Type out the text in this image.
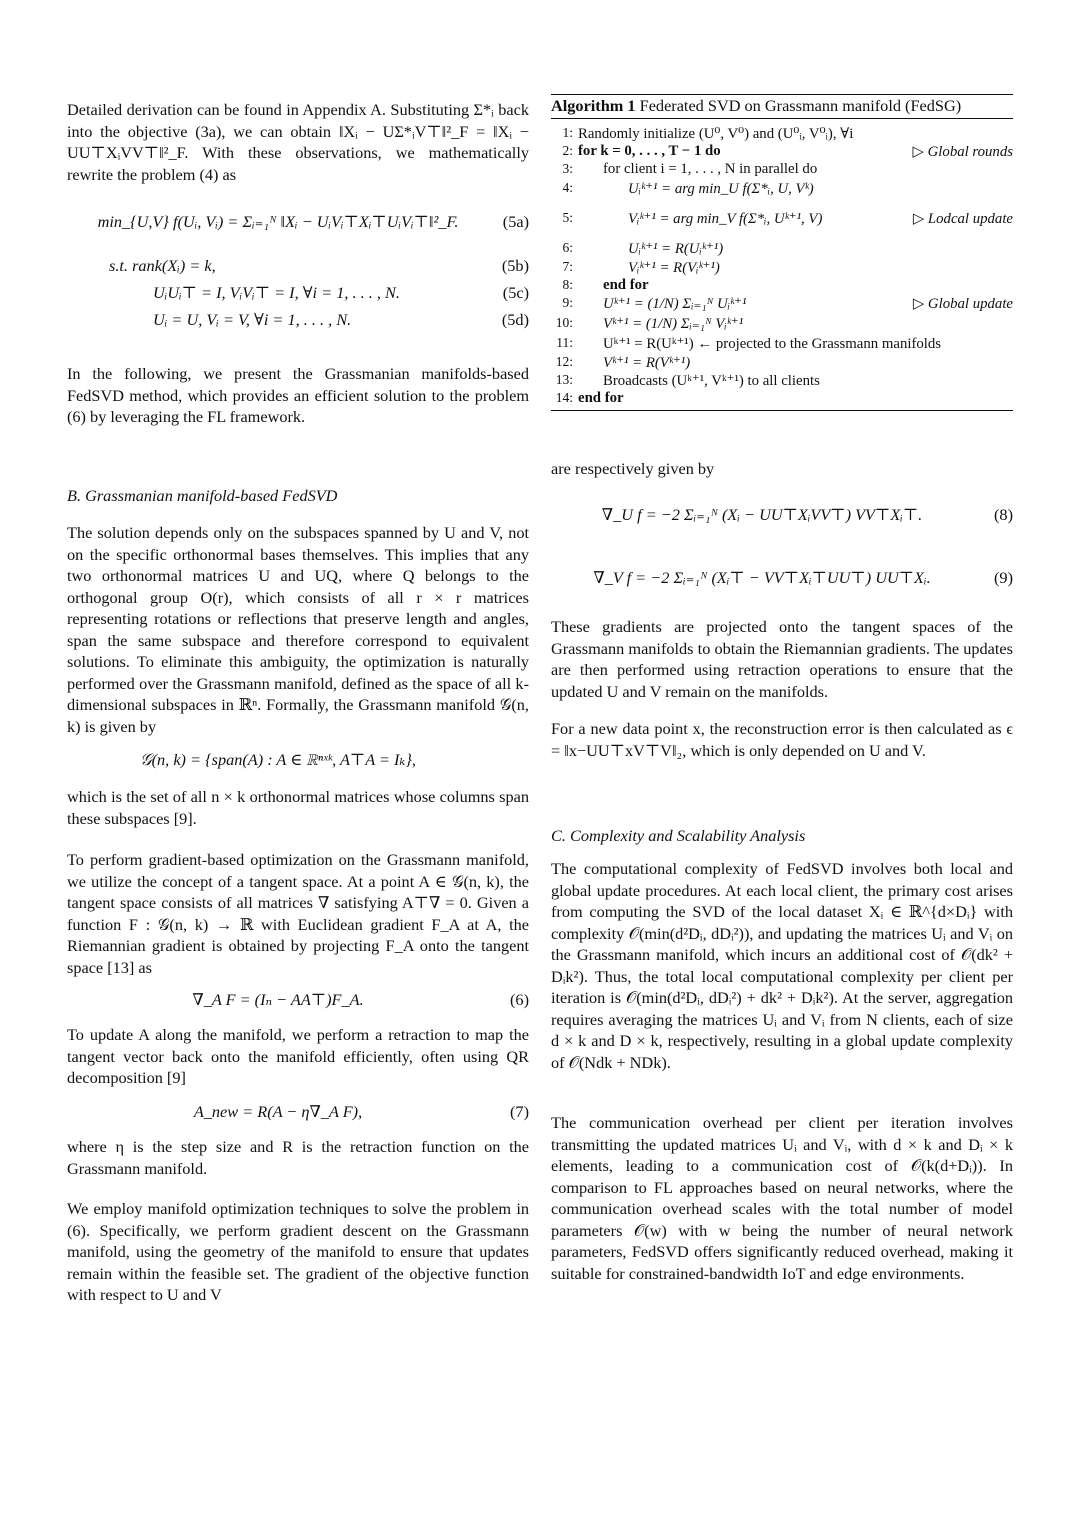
Detailed derivation can be found in Appendix A. Substituting Σ*ᵢ back into the objective (3a), we can obtain ‖Xᵢ − UΣ*ᵢV⊤‖²_F = ‖Xᵢ − UU⊤XᵢVV⊤‖²_F. With these observations, we mathematically rewrite the problem (4) as

min_{U,V} f(Uᵢ, Vᵢ) = Σᵢ₌₁ᴺ ‖Xᵢ − UᵢVᵢ⊤Xᵢ⊤UᵢVᵢ⊤‖²_F.	(5a)
s.t. rank(Xᵢ) = k,	(5b)
UᵢUᵢ⊤ = I, VᵢVᵢ⊤ = I, ∀i = 1, . . . , N.	(5c)
Uᵢ = U, Vᵢ = V, ∀i = 1, . . . , N.	(5d)

In the following, we present the Grassmanian manifolds-based FedSVD method, which provides an efficient solution to the problem (6) by leveraging the FL framework.

B. Grassmanian manifold-based FedSVD

The solution depends only on the subspaces spanned by U and V, not on the specific orthonormal bases themselves. This implies that any two orthonormal matrices U and UQ, where Q belongs to the orthogonal group O(r), which consists of all r × r matrices representing rotations or reflections that preserve length and angles, span the same subspace and therefore correspond to equivalent solutions. To eliminate this ambiguity, the optimization is naturally performed over the Grassmann manifold, defined as the space of all k-dimensional subspaces in ℝⁿ. Formally, the Grassmann manifold 𝒢(n, k) is given by

𝒢(n, k) = {span(A) : A ∈ ℝⁿˣᵏ, A⊤A = Iₖ},

which is the set of all n × k orthonormal matrices whose columns span these subspaces [9].

To perform gradient-based optimization on the Grassmann manifold, we utilize the concept of a tangent space. At a point A ∈ 𝒢(n, k), the tangent space consists of all matrices ∇ satisfying A⊤∇ = 0. Given a function F : 𝒢(n, k) → ℝ with Euclidean gradient F_A at A, the Riemannian gradient is obtained by projecting F_A onto the tangent space [13] as

∇_A F = (Iₙ − AA⊤)F_A.	(6)

To update A along the manifold, we perform a retraction to map the tangent vector back onto the manifold efficiently, often using QR decomposition [9]

A_new = R(A − η∇_A F),	(7)

where η is the step size and R is the retraction function on the Grassmann manifold.

We employ manifold optimization techniques to solve the problem in (6). Specifically, we perform gradient descent on the Grassmann manifold, using the geometry of the manifold to ensure that updates remain within the feasible set. The gradient of the objective function with respect to U and V

Algorithm 1 Federated SVD on Grassmann manifold (FedSG)
1: Randomly initialize (U⁰, V⁰) and (U⁰ᵢ, V⁰ᵢ), ∀i
2: for k = 0, . . . , T − 1 do	▷ Global rounds
3: for client i = 1, . . . , N in parallel do
4:	Uᵢᵏ⁺¹ = arg min_U f(Σ*ᵢ, U, Vᵏ)
5:	Vᵢᵏ⁺¹ = arg min_V f(Σ*ᵢ, Uᵏ⁺¹, V)	▷ Lodcal update
6:	Uᵢᵏ⁺¹ = R(Uᵢᵏ⁺¹)
7:	Vᵢᵏ⁺¹ = R(Vᵢᵏ⁺¹)
8: end for
9: Uᵏ⁺¹ = (1/N) Σᵢ₌₁ᴺ Uᵢᵏ⁺¹	▷ Global update
10: Vᵏ⁺¹ = (1/N) Σᵢ₌₁ᴺ Vᵢᵏ⁺¹
11: Uᵏ⁺¹ = R(Uᵏ⁺¹) ← projected to the Grassmann manifolds
12: Vᵏ⁺¹ = R(Vᵏ⁺¹)
13: Broadcasts (Uᵏ⁺¹, Vᵏ⁺¹) to all clients
14: end for

are respectively given by

∇_U f = −2 Σᵢ₌₁ᴺ (Xᵢ − UU⊤XᵢVV⊤) VV⊤Xᵢ⊤.	(8)
∇_V f = −2 Σᵢ₌₁ᴺ (Xᵢ⊤ − VV⊤Xᵢ⊤UU⊤) UU⊤Xᵢ.	(9)

These gradients are projected onto the tangent spaces of the Grassmann manifolds to obtain the Riemannian gradients. The updates are then performed using retraction operations to ensure that the updated U and V remain on the manifolds.

For a new data point x, the reconstruction error is then calculated as ϵ = ‖x−UU⊤xV⊤V‖₂, which is only depended on U and V.

C. Complexity and Scalability Analysis

The computational complexity of FedSVD involves both local and global update procedures. At each local client, the primary cost arises from computing the SVD of the local dataset Xᵢ ∈ ℝ^{d×Dᵢ} with complexity 𝒪(min(d²Dᵢ, dDᵢ²)), and updating the matrices Uᵢ and Vᵢ on the Grassmann manifold, which incurs an additional cost of 𝒪(dk² + Dᵢk²). Thus, the total local computational complexity per client per iteration is 𝒪(min(d²Dᵢ, dDᵢ²) + dk² + Dᵢk²). At the server, aggregation requires averaging the matrices Uᵢ and Vᵢ from N clients, each of size d × k and D × k, respectively, resulting in a global update complexity of 𝒪(Ndk + NDk).

The communication overhead per client per iteration involves transmitting the updated matrices Uᵢ and Vᵢ, with d × k and Dᵢ × k elements, leading to a communication cost of 𝒪(k(d+Dᵢ)). In comparison to FL approaches based on neural networks, where the communication overhead scales with the total number of model parameters 𝒪(w) with w being the number of neural network parameters, FedSVD offers significantly reduced overhead, making it suitable for constrained-bandwidth IoT and edge environments.
